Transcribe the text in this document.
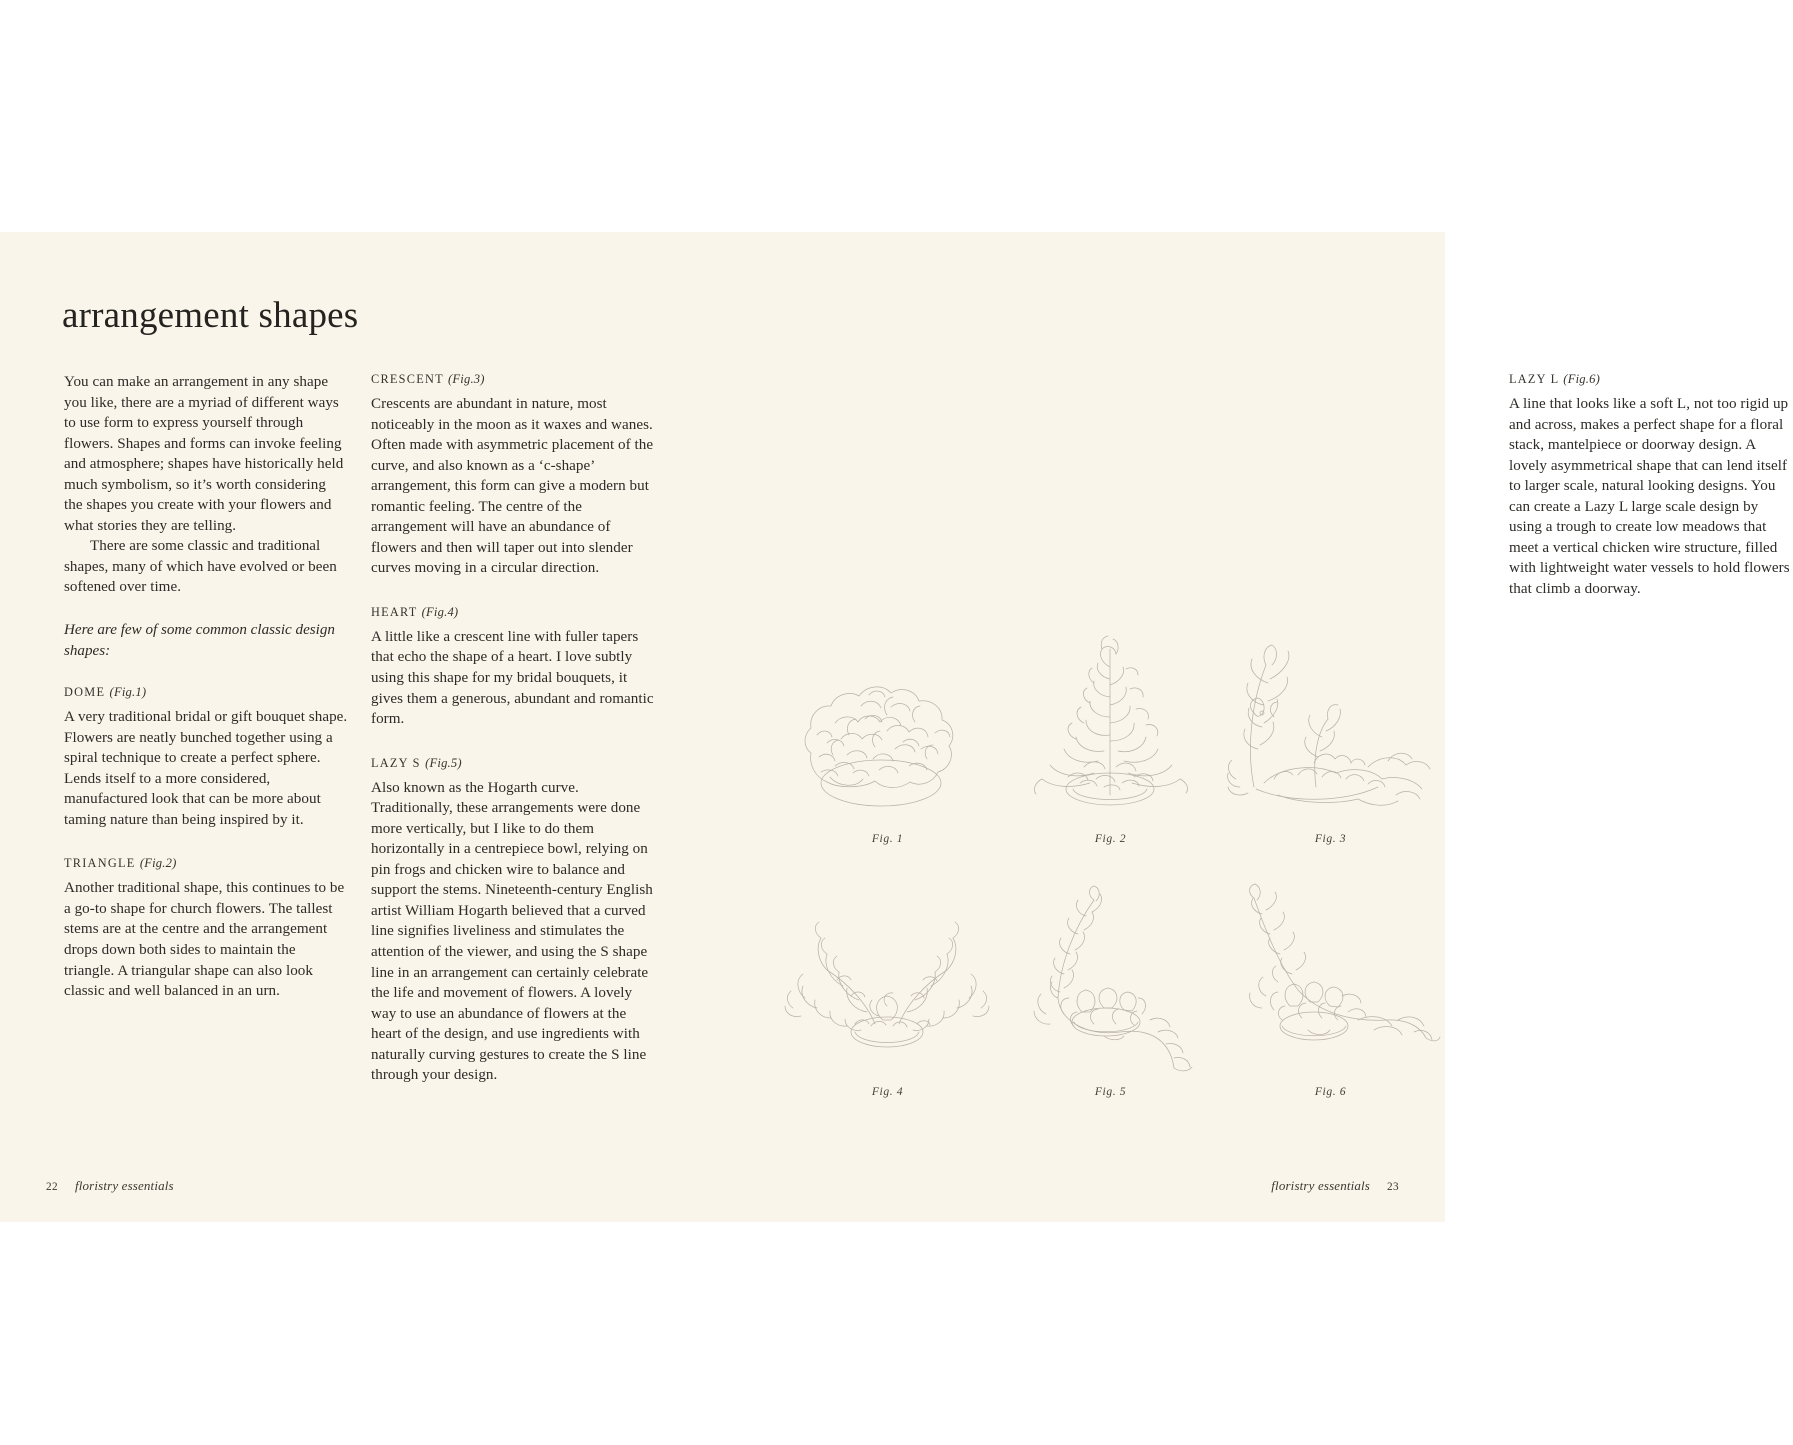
arrangement shapes

You can make an arrangement in any shape you like, there are a myriad of different ways to use form to express yourself through flowers. Shapes and forms can invoke feeling and atmosphere; shapes have historically held much symbolism, so it’s worth considering the shapes you create with your flowers and what stories they are telling.

There are some classic and traditional shapes, many of which have evolved or been softened over time.

Here are few of some common classic design shapes:

DOME (Fig.1)

A very traditional bridal or gift bouquet shape. Flowers are neatly bunched together using a spiral technique to create a perfect sphere. Lends itself to a more considered, manufactured look that can be more about taming nature than being inspired by it.

TRIANGLE (Fig.2)

Another traditional shape, this continues to be a go-to shape for church flowers. The tallest stems are at the centre and the arrangement drops down both sides to maintain the triangle. A triangular shape can also look classic and well balanced in an urn.

CRESCENT (Fig.3)

Crescents are abundant in nature, most noticeably in the moon as it waxes and wanes. Often made with asymmetric placement of the curve, and also known as a ‘c-shape’ arrangement, this form can give a modern but romantic feeling. The centre of the arrangement will have an abundance of flowers and then will taper out into slender curves moving in a circular direction.

HEART (Fig.4)

A little like a crescent line with fuller tapers that echo the shape of a heart. I love subtly using this shape for my bridal bouquets, it gives them a generous, abundant and romantic form.

LAZY S (Fig.5)

Also known as the Hogarth curve. Traditionally, these arrangements were done more vertically, but I like to do them horizontally in a centrepiece bowl, relying on pin frogs and chicken wire to balance and support the stems. Nineteenth-century English artist William Hogarth believed that a curved line signifies liveliness and stimulates the attention of the viewer, and using the S shape line in an arrangement can certainly celebrate the life and movement of flowers. A lovely way to use an abundance of flowers at the heart of the design, and use ingredients with naturally curving gestures to create the S line through your design.

22 floristry essentials
LAZY L (Fig.6)

A line that looks like a soft L, not too rigid up and across, makes a perfect shape for a floral stack, mantelpiece or doorway design. A lovely asymmetrical shape that can lend itself to larger scale, natural looking designs. You can create a Lazy L large scale design by using a trough to create low meadows that meet a vertical chicken wire structure, filled with lightweight water vessels to hold flowers that climb a doorway.

Fig. 1	Fig. 2	Fig. 3
Fig. 4	Fig. 5	Fig. 6
floristry essentials 23
